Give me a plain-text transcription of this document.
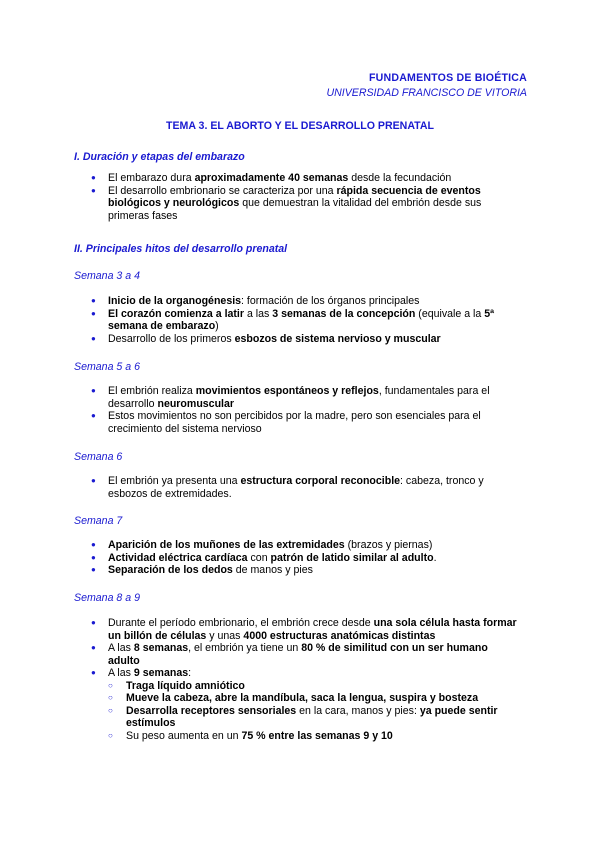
FUNDAMENTOS DE BIOÉTICA
UNIVERSIDAD FRANCISCO DE VITORIA
TEMA 3. EL ABORTO Y EL DESARROLLO PRENATAL
I. Duración y etapas del embarazo
● El embarazo dura aproximadamente 40 semanas desde la fecundación
● El desarrollo embrionario se caracteriza por una rápida secuencia de eventos biológicos y neurológicos que demuestran la vitalidad del embrión desde sus primeras fases
II. Principales hitos del desarrollo prenatal
Semana 3 a 4
● Inicio de la organogénesis: formación de los órganos principales
● El corazón comienza a latir a las 3 semanas de la concepción (equivale a la 5ª semana de embarazo)
● Desarrollo de los primeros esbozos de sistema nervioso y muscular
Semana 5 a 6
● El embrión realiza movimientos espontáneos y reflejos, fundamentales para el desarrollo neuromuscular
● Estos movimientos no son percibidos por la madre, pero son esenciales para el crecimiento del sistema nervioso
Semana 6
● El embrión ya presenta una estructura corporal reconocible: cabeza, tronco y esbozos de extremidades.
Semana 7
● Aparición de los muñones de las extremidades (brazos y piernas)
● Actividad eléctrica cardíaca con patrón de latido similar al adulto.
● Separación de los dedos de manos y pies
Semana 8 a 9
● Durante el período embrionario, el embrión crece desde una sola célula hasta formar un billón de células y unas 4000 estructuras anatómicas distintas
● A las 8 semanas, el embrión ya tiene un 80 % de similitud con un ser humano adulto
● A las 9 semanas:
○ Traga líquido amniótico
○ Mueve la cabeza, abre la mandíbula, saca la lengua, suspira y bosteza
○ Desarrolla receptores sensoriales en la cara, manos y pies: ya puede sentir estímulos
○ Su peso aumenta en un 75 % entre las semanas 9 y 10
